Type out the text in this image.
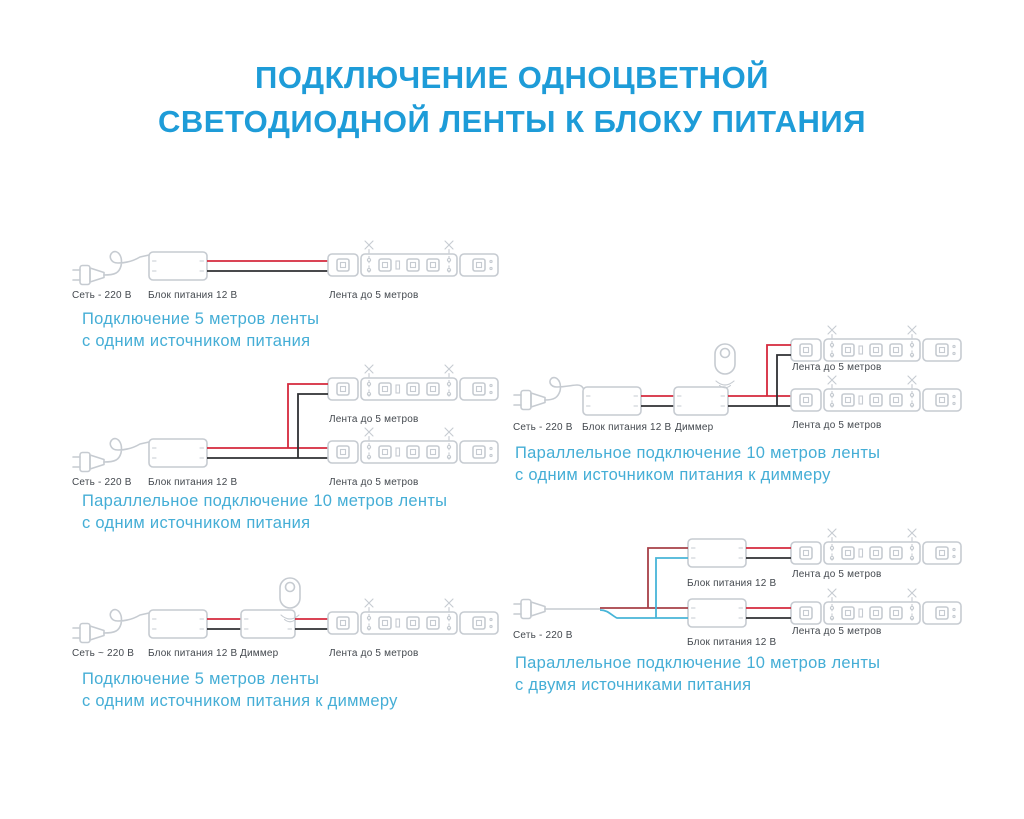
ПОДКЛЮЧЕНИЕ ОДНОЦВЕТНОЙ
СВЕТОДИОДНОЙ ЛЕНТЫ К БЛОКУ ПИТАНИЯ
Сеть - 220 В Блок питания 12 В	Лента до 5 метров
Подключение 5 метров ленты
с одним источником питания
Лента до 5 метров
Сеть - 220 В Блок питания 12 В	Лента до 5 метров
Параллельное подключение 10 метров ленты
с одним источником питания
Сеть ~ 220 В Блок питания 12 В Диммер	Лента до 5 метров
Подключение 5 метров ленты
с одним источником питания к диммеру
Лента до 5 метров
Сеть - 220 В Блок питания 12 В Диммер	Лента до 5 метров
Параллельное подключение 10 метров ленты
с одним источником питания к диммеру
Лента до 5 метров
Блок питания 12 В
Сеть - 220 В	Лента до 5 метров
Блок питания 12 В
Параллельное подключение 10 метров ленты
с двумя источниками питания
